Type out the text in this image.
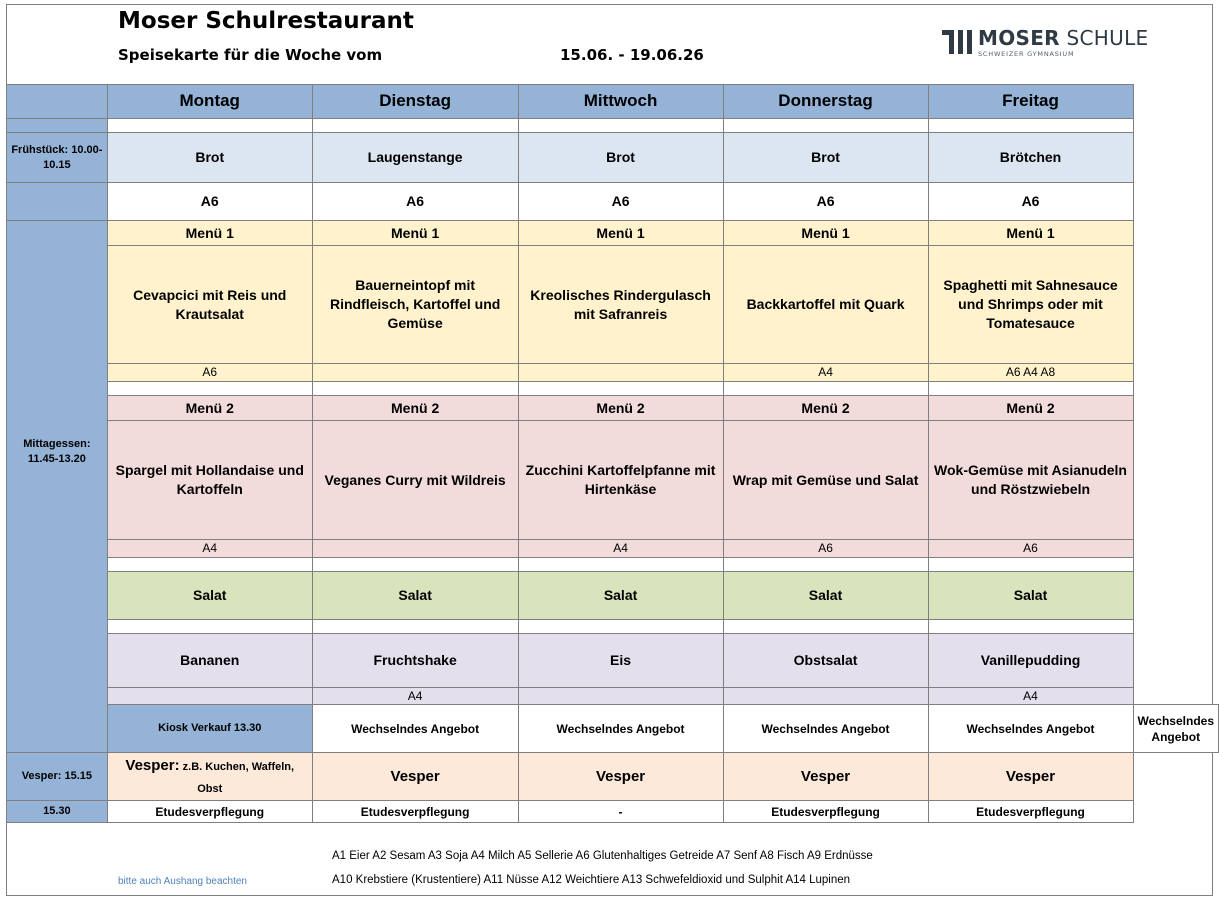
Moser Schulrestaurant
Speisekarte für die Woche vom	15.06. - 19.06.26
MOSER SCHULE
SCHWEIZER GYMNASIUM
	Montag	Dienstag	Mittwoch	Donnerstag	Freitag	

Frühstück: 10.00-10.15	Brot	Laugenstange	Brot	Brot	Brötchen	
	A6	A6	A6	A6	A6	
Mittagessen: 11.45-13.20	Menü 1	Menü 1	Menü 1	Menü 1	Menü 1	
	Cevapcici mit Reis und Krautsalat	Bauerneintopf mit Rindfleisch, Kartoffel und Gemüse	Kreolisches Rindergulasch mit Safranreis	Backkartoffel mit Quark	Spaghetti mit Sahnesauce und Shrimps oder mit Tomatesauce	
	A6			A4	A6 A4 A8	

	Menü 2	Menü 2	Menü 2	Menü 2	Menü 2	
	Spargel mit Hollandaise und Kartoffeln	Veganes Curry mit Wildreis	Zucchini Kartoffelpfanne mit Hirtenkäse	Wrap mit Gemüse und Salat	Wok-Gemüse mit Asianudeln und Röstzwiebeln	
	A4		A4	A6	A6	

	Salat	Salat	Salat	Salat	Salat	

	Bananen	Fruchtshake	Eis	Obstsalat	Vanillepudding	
		A4			A4	
	Kiosk Verkauf 13.30	Wechselndes Angebot	Wechselndes Angebot	Wechselndes Angebot	Wechselndes Angebot	Wechselndes Angebot
Vesper: 15.15	Vesper: z.B. Kuchen, Waffeln, Obst	Vesper	Vesper	Vesper	Vesper	
15.30	Etudesverpflegung	Etudesverpflegung	-	Etudesverpflegung	Etudesverpflegung	
A1 Eier A2 Sesam A3 Soja A4 Milch A5 Sellerie A6 Glutenhaltiges Getreide A7 Senf A8 Fisch A9 Erdnüsse
A10 Krebstiere (Krustentiere) A11 Nüsse A12 Weichtiere A13 Schwefeldioxid und Sulphit A14 Lupinen
bitte auch Aushang beachten
